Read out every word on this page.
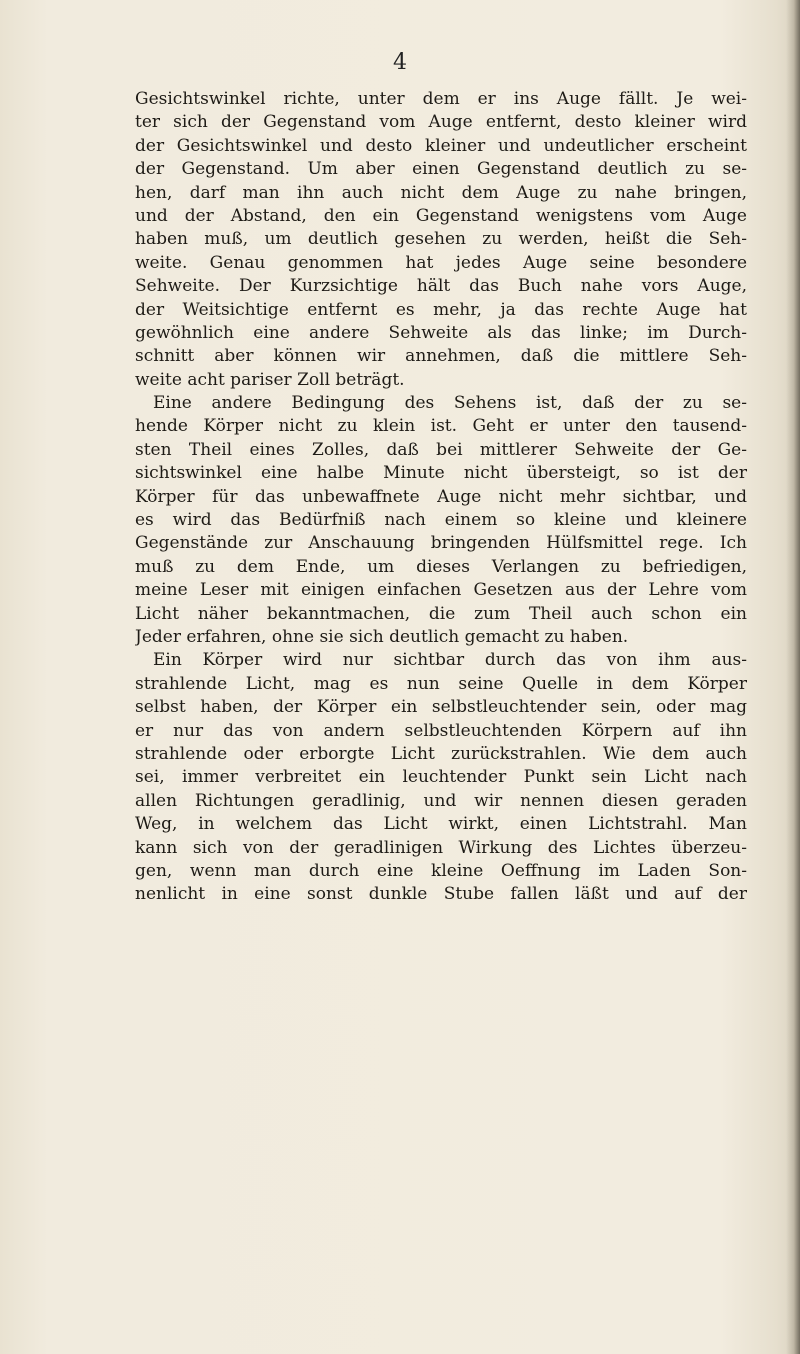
4
Gesichtswinkel richte, unter dem er ins Auge fällt. Je wei-
ter sich der Gegenstand vom Auge entfernt, desto kleiner wird
der Gesichtswinkel und desto kleiner und undeutlicher erscheint
der Gegenstand. Um aber einen Gegenstand deutlich zu se-
hen, darf man ihn auch nicht dem Auge zu nahe bringen,
und der Abstand, den ein Gegenstand wenigstens vom Auge
haben muß, um deutlich gesehen zu werden, heißt die Seh-
weite. Genau genommen hat jedes Auge seine besondere
Sehweite. Der Kurzsichtige hält das Buch nahe vors Auge,
der Weitsichtige entfernt es mehr, ja das rechte Auge hat
gewöhnlich eine andere Sehweite als das linke; im Durch-
schnitt aber können wir annehmen, daß die mittlere Seh-
weite acht pariser Zoll beträgt.
Eine andere Bedingung des Sehens ist, daß der zu se-
hende Körper nicht zu klein ist. Geht er unter den tausend-
sten Theil eines Zolles, daß bei mittlerer Sehweite der Ge-
sichtswinkel eine halbe Minute nicht übersteigt, so ist der
Körper für das unbewaffnete Auge nicht mehr sichtbar, und
es wird das Bedürfniß nach einem so kleine und kleinere
Gegenstände zur Anschauung bringenden Hülfsmittel rege. Ich
muß zu dem Ende, um dieses Verlangen zu befriedigen,
meine Leser mit einigen einfachen Gesetzen aus der Lehre vom
Licht näher bekanntmachen, die zum Theil auch schon ein
Jeder erfahren, ohne sie sich deutlich gemacht zu haben.
Ein Körper wird nur sichtbar durch das von ihm aus-
strahlende Licht, mag es nun seine Quelle in dem Körper
selbst haben, der Körper ein selbstleuchtender sein, oder mag
er nur das von andern selbstleuchtenden Körpern auf ihn
strahlende oder erborgte Licht zurückstrahlen. Wie dem auch
sei, immer verbreitet ein leuchtender Punkt sein Licht nach
allen Richtungen geradlinig, und wir nennen diesen geraden
Weg, in welchem das Licht wirkt, einen Lichtstrahl. Man
kann sich von der geradlinigen Wirkung des Lichtes überzeu-
gen, wenn man durch eine kleine Oeffnung im Laden Son-
nenlicht in eine sonst dunkle Stube fallen läßt und auf der
